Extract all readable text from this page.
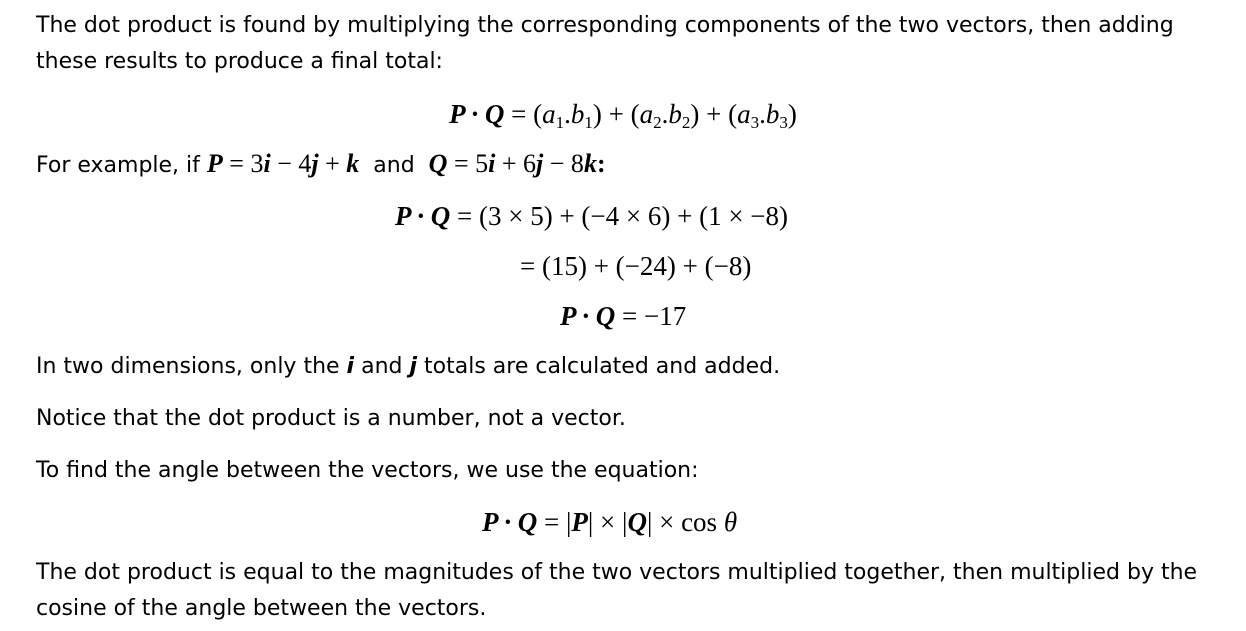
The dot product is found by multiplying the corresponding components of the two vectors, then adding these results to produce a final total:

$P \cdot Q = (a_1.b_1) + (a_2.b_2) + (a_3.b_3)$

For example, if P = 3i − 4j + k and Q = 5i + 6j − 8k:

P · Q = (3 × 5) + (−4 × 6) + (1 × −8)
= (15) + (−24) + (−8)
P · Q = −17

In two dimensions, only the i and j totals are calculated and added.

Notice that the dot product is a number, not a vector.

To find the angle between the vectors, we use the equation:

P · Q = |P| × |Q| × cos θ

The dot product is equal to the magnitudes of the two vectors multiplied together, then multiplied by the cosine of the angle between the vectors.
